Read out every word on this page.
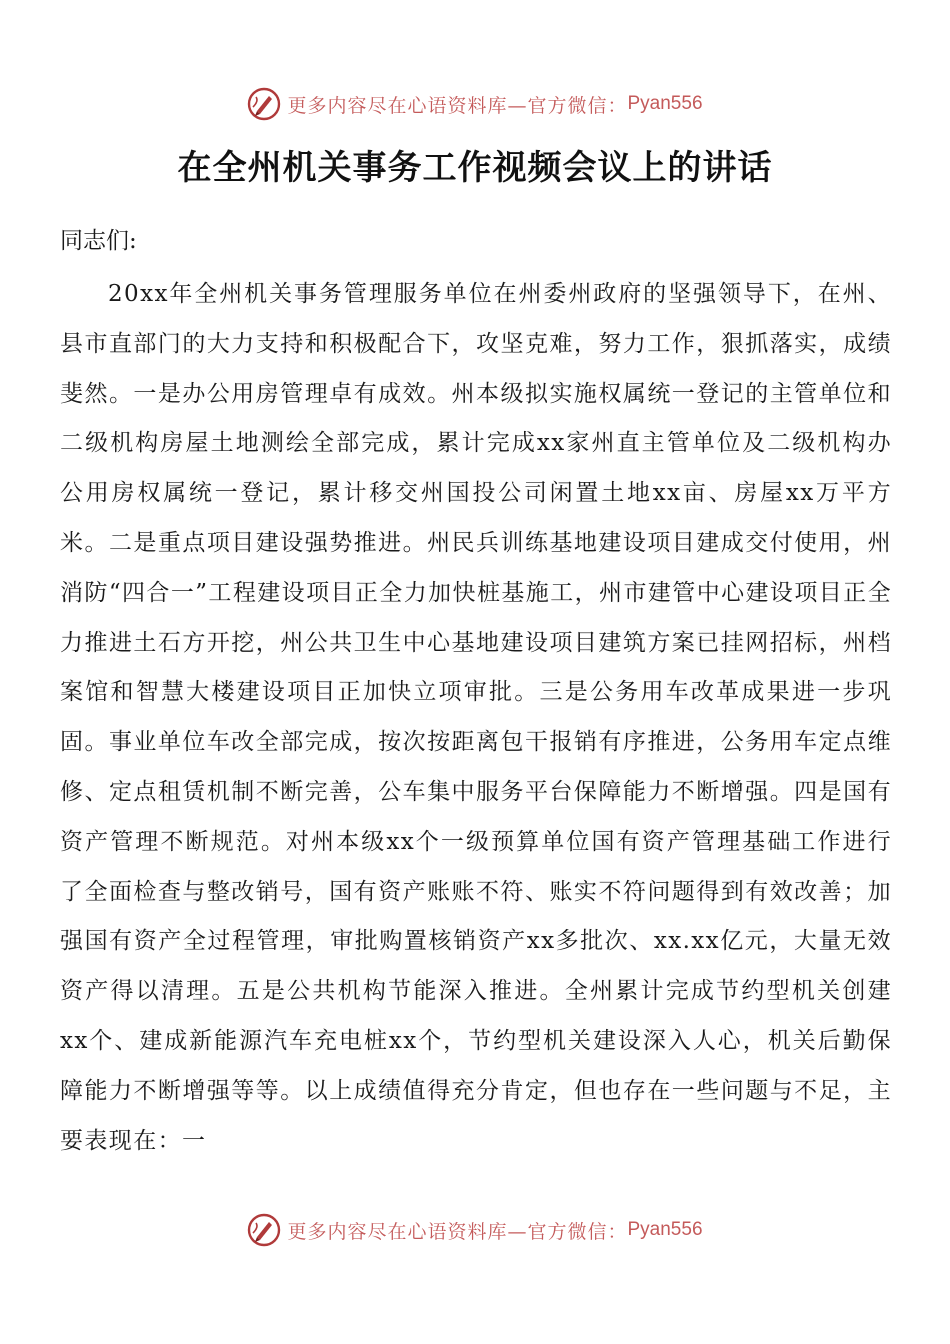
更多内容尽在心语资料库—官方微信： Pyan556
在全州机关事务工作视频会议上的讲话

同志们:

20xx年全州机关事务管理服务单位在州委州政府的坚强领导下，在州、县市直部门的大力支持和积极配合下，攻坚克难，努力工作，狠抓落实，成绩斐然。一是办公用房管理卓有成效。州本级拟实施权属统一登记的主管单位和二级机构房屋土地测绘全部完成，累计完成xx家州直主管单位及二级机构办公用房权属统一登记，累计移交州国投公司闲置土地xx亩、房屋xx万平方米。二是重点项目建设强势推进。州民兵训练基地建设项目建成交付使用，州消防“四合一”工程建设项目正全力加快桩基施工，州市建管中心建设项目正全力推进土石方开挖，州公共卫生中心基地建设项目建筑方案已挂网招标，州档案馆和智慧大楼建设项目正加快立项审批。三是公务用车改革成果进一步巩固。事业单位车改全部完成，按次按距离包干报销有序推进，公务用车定点维修、定点租赁机制不断完善，公车集中服务平台保障能力不断增强。四是国有资产管理不断规范。对州本级xx个一级预算单位国有资产管理基础工作进行了全面检查与整改销号，国有资产账账不符、账实不符问题得到有效改善；加强国有资产全过程管理，审批购置核销资产xx多批次、xx.xx亿元，大量无效资产得以清理。五是公共机构节能深入推进。全州累计完成节约型机关创建xx个、建成新能源汽车充电桩xx个，节约型机关建设深入人心，机关后勤保障能力不断增强等等。以上成绩值得充分肯定，但也存在一些问题与不足，主要表现在：一

更多内容尽在心语资料库—官方微信： Pyan556
